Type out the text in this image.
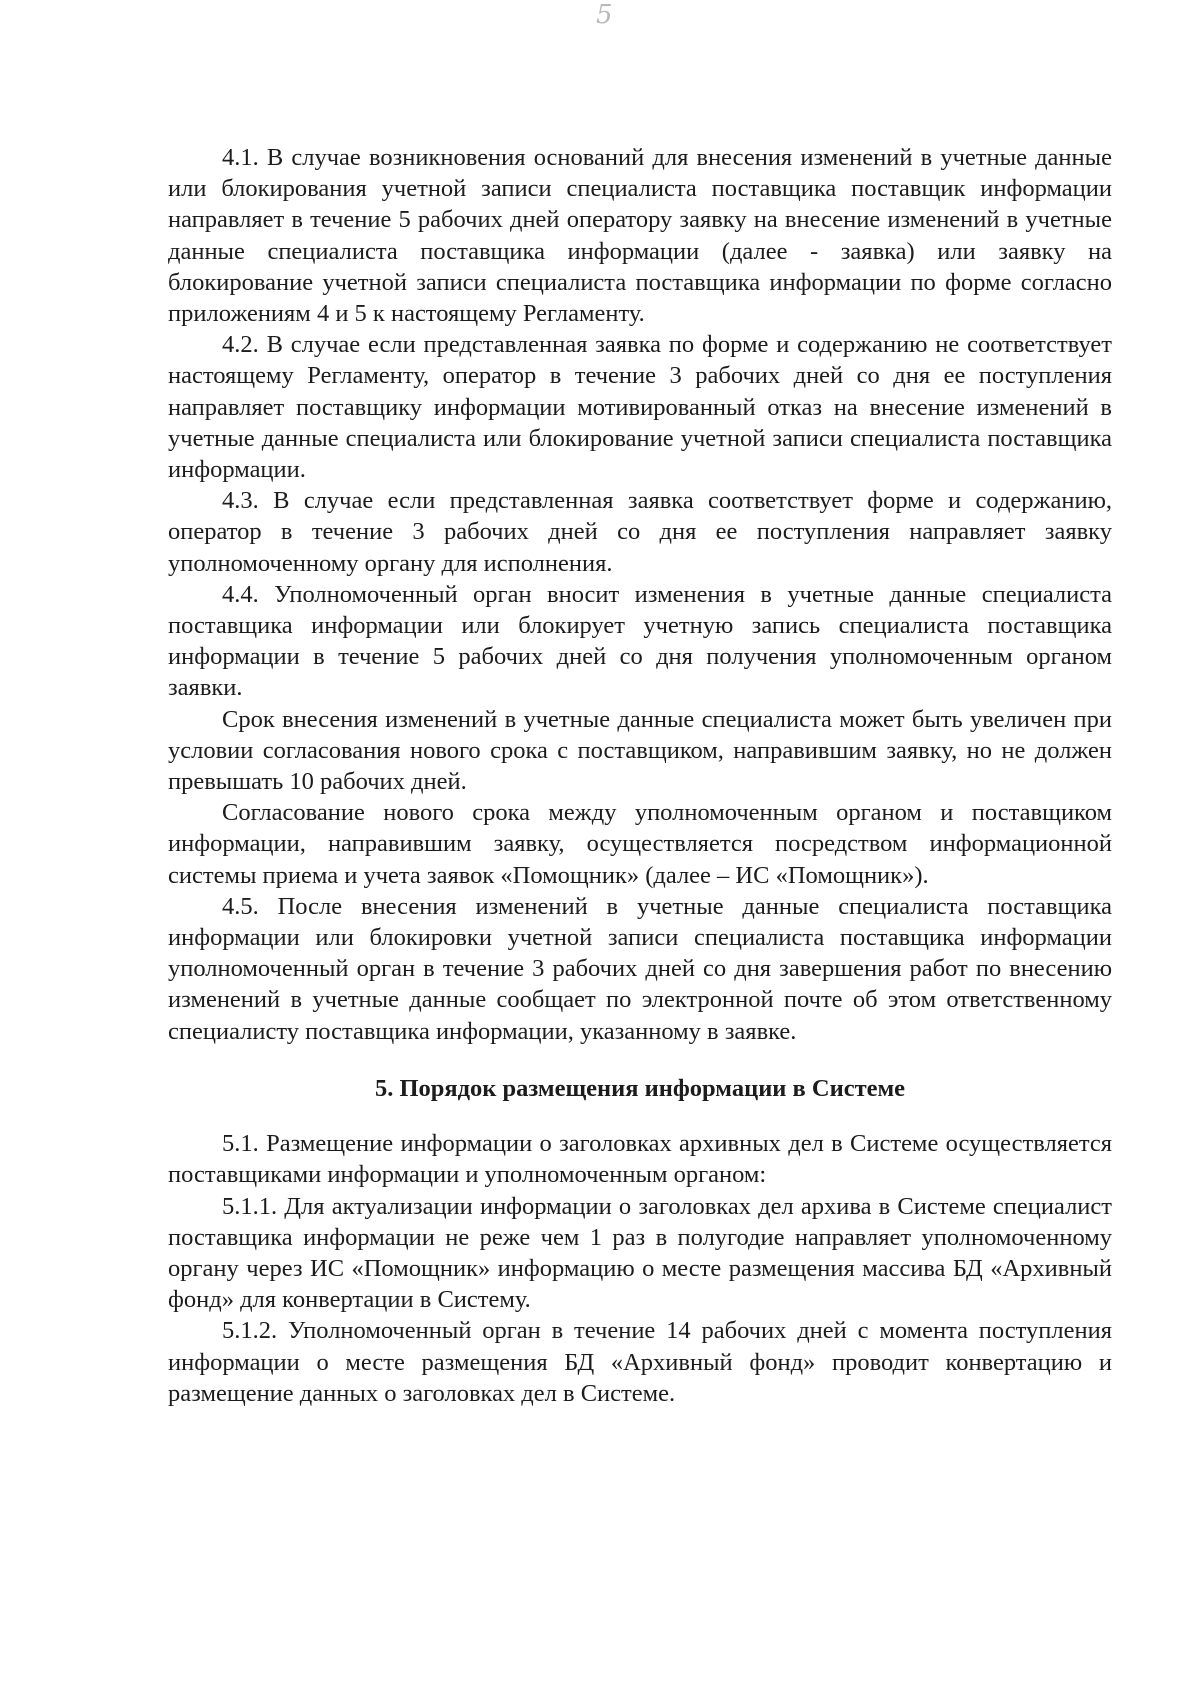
5

4.1. В случае возникновения оснований для внесения изменений в учетные данные или блокирования учетной записи специалиста поставщика поставщик информации направляет в течение 5 рабочих дней оператору заявку на внесение изменений в учетные данные специалиста поставщика информации (далее - заявка) или заявку на блокирование учетной записи специалиста поставщика информации по форме согласно приложениям 4 и 5 к настоящему Регламенту.

4.2. В случае если представленная заявка по форме и содержанию не соответствует настоящему Регламенту, оператор в течение 3 рабочих дней со дня ее поступления направляет поставщику информации мотивированный отказ на внесение изменений в учетные данные специалиста или блокирование учетной записи специалиста поставщика информации.

4.3. В случае если представленная заявка соответствует форме и содержанию, оператор в течение 3 рабочих дней со дня ее поступления направляет заявку уполномоченному органу для исполнения.

4.4. Уполномоченный орган вносит изменения в учетные данные специалиста поставщика информации или блокирует учетную запись специалиста поставщика информации в течение 5 рабочих дней со дня получения уполномоченным органом заявки.

Срок внесения изменений в учетные данные специалиста может быть увеличен при условии согласования нового срока с поставщиком, направившим заявку, но не должен превышать 10 рабочих дней.

Согласование нового срока между уполномоченным органом и поставщиком информации, направившим заявку, осуществляется посредством информационной системы приема и учета заявок «Помощник» (далее – ИС «Помощник»).

4.5. После внесения изменений в учетные данные специалиста поставщика информации или блокировки учетной записи специалиста поставщика информации уполномоченный орган в течение 3 рабочих дней со дня завершения работ по внесению изменений в учетные данные сообщает по электронной почте об этом ответственному специалисту поставщика информации, указанному в заявке.

5. Порядок размещения информации в Системе

5.1. Размещение информации о заголовках архивных дел в Системе осуществляется поставщиками информации и уполномоченным органом:

5.1.1. Для актуализации информации о заголовках дел архива в Системе специалист поставщика информации не реже чем 1 раз в полугодие направляет уполномоченному органу через ИС «Помощник» информацию о месте размещения массива БД «Архивный фонд» для конвертации в Систему.

5.1.2. Уполномоченный орган в течение 14 рабочих дней с момента поступления информации о месте размещения БД «Архивный фонд» проводит конвертацию и размещение данных о заголовках дел в Системе.
